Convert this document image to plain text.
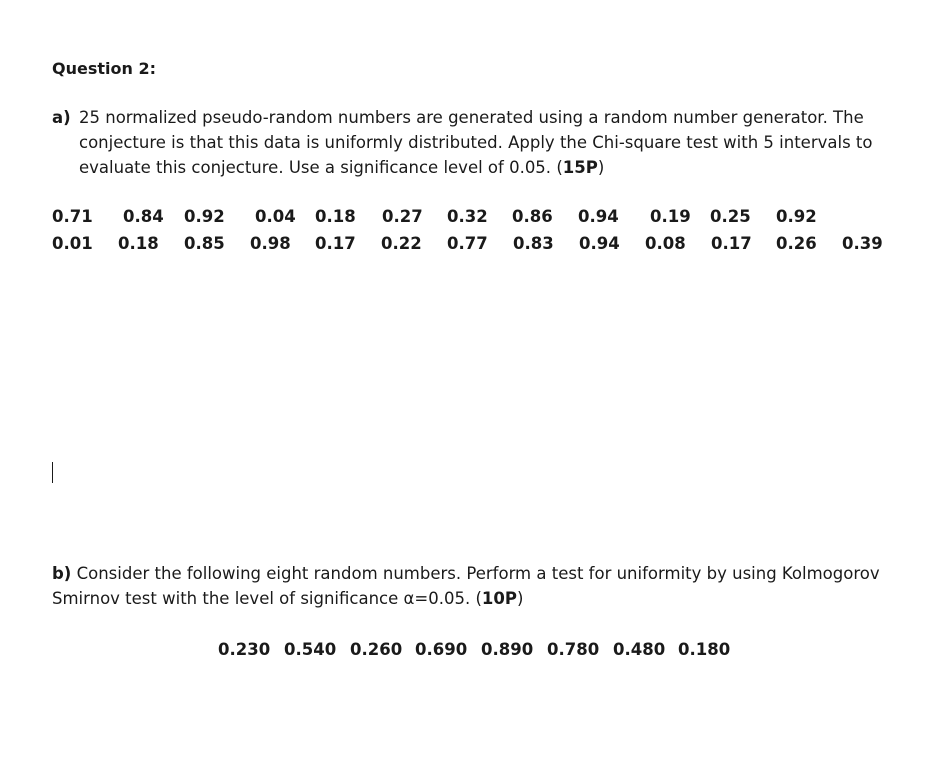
Question 2:
a) 25 normalized pseudo-random numbers are generated using a random number generator. The conjecture is that this data is uniformly distributed. Apply the Chi-square test with 5 intervals to evaluate this conjecture. Use a significance level of 0.05. (15P)
0.71 0.84 0.92 0.04 0.18 0.27 0.32 0.86 0.94 0.19 0.25 0.92
0.01 0.18 0.85 0.98 0.17 0.22 0.77 0.83 0.94 0.08 0.17 0.26 0.39
b) Consider the following eight random numbers. Perform a test for uniformity by using Kolmogorov Smirnov test with the level of significance α=0.05. (10P)
0.230 0.540 0.260 0.690 0.890 0.780 0.480 0.180
